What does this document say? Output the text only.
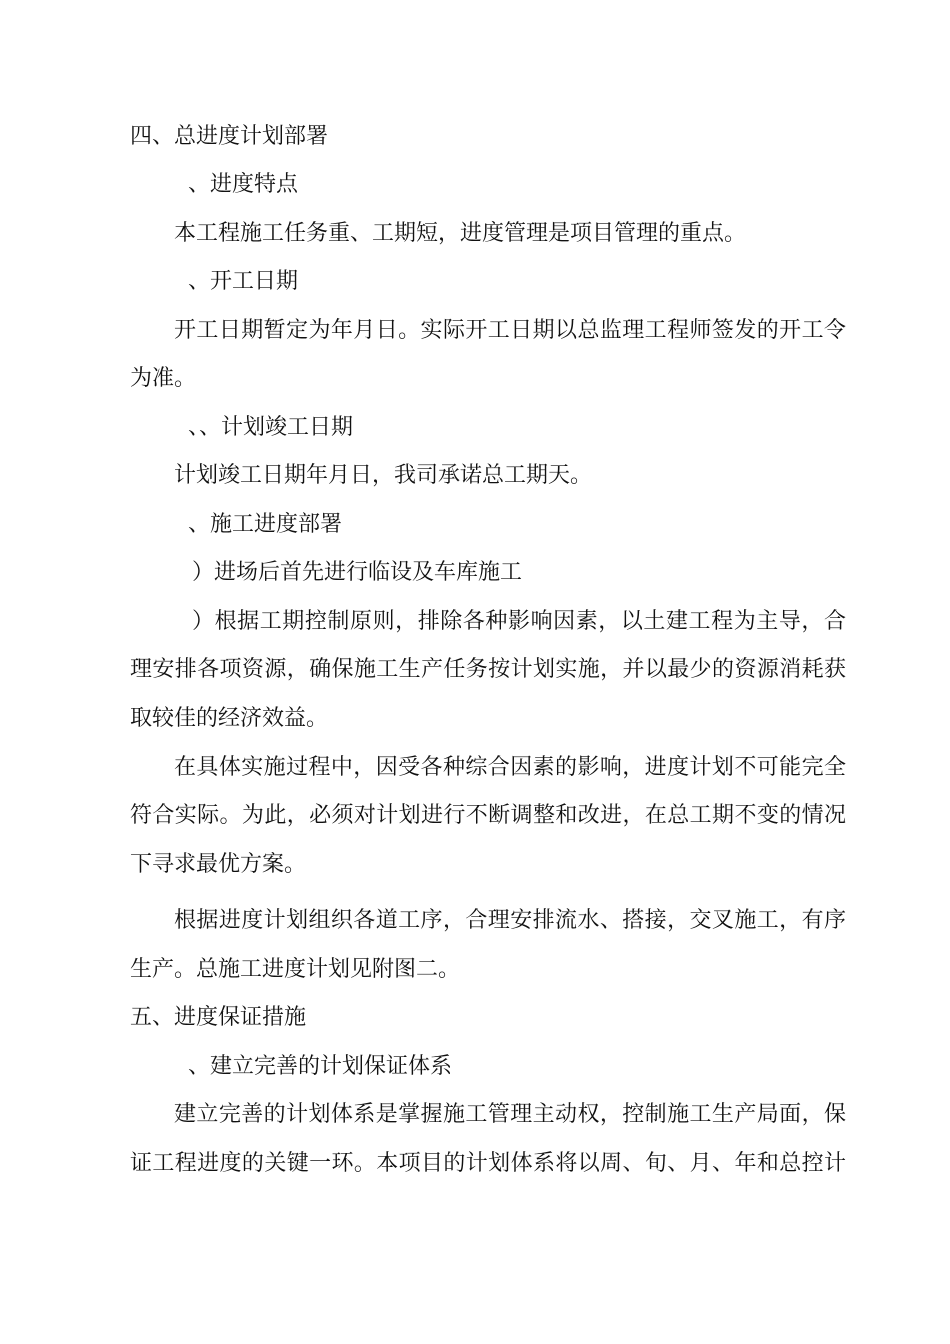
四、总进度计划部署
、进度特点
本工程施工任务重、工期短，进度管理是项目管理的重点。
、开工日期
开工日期暂定为年月日。实际开工日期以总监理工程师签发的开工令
为准。
、、计划竣工日期
计划竣工日期年月日，我司承诺总工期天。
、施工进度部署
）进场后首先进行临设及车库施工
）根据工期控制原则，排除各种影响因素，以土建工程为主导，合
理安排各项资源，确保施工生产任务按计划实施，并以最少的资源消耗获
取较佳的经济效益。
在具体实施过程中，因受各种综合因素的影响，进度计划不可能完全
符合实际。为此，必须对计划进行不断调整和改进，在总工期不变的情况
下寻求最优方案。
根据进度计划组织各道工序，合理安排流水、搭接，交叉施工，有序
生产。总施工进度计划见附图二。
五、进度保证措施
、建立完善的计划保证体系
建立完善的计划体系是掌握施工管理主动权，控制施工生产局面，保
证工程进度的关键一环。本项目的计划体系将以周、旬、月、年和总控计
